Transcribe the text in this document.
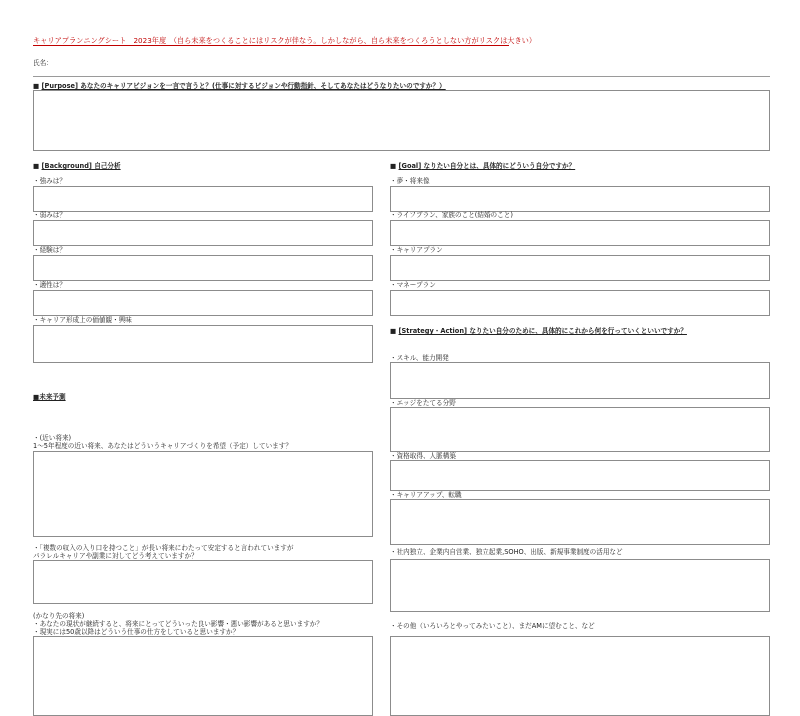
キャリアプランニングシート　2023年度　（自ら未来をつくることにはリスクが伴なう。しかしながら、自ら未来をつくろうとしない方がリスクは大きい）
氏名：
■ [Purpose] あなたのキャリアビジョンを一言で言うと？(仕事に対するビジョンや行動指針、そしてあなたはどうなりたいのですか？）
■ [Background] 自己分析
・強みは？
・弱みは？
・経験は？
・適性は？
・キャリア形成上の価値観・興味
■未来予測
・(近い将来)
1〜5年程度の近い将来、あなたはどういうキャリアづくりを希望（予定）しています？
・「複数の収入の入り口を持つこと」が長い将来にわたって安定すると言われていますが
パラレルキャリアや副業に対してどう考えていますか？
(かなり先の将来)
・あなたの現状が継続すると、将来にとってどういった良い影響・悪い影響があると思いますか？
・現実には50歳以降はどういう仕事の仕方をしていると思いますか？
■ [Goal] なりたい自分とは、具体的にどういう自分ですか？
・夢・将来像
・ライフプラン、家族のこと(結婚のこと)
・キャリアプラン
・マネープラン
■ [Strategy・Action] なりたい自分のために、具体的にこれから何を行っていくといいですか？
・スキル、能力開発
・エッジをたてる分野
・資格取得、人脈構築
・キャリアアップ、転職
・社内独立、企業内自営業、独立起業,SOHO、出版、新規事業制度の活用など
・その他（いろいろとやってみたいこと）、まだAMに望むこと、など
